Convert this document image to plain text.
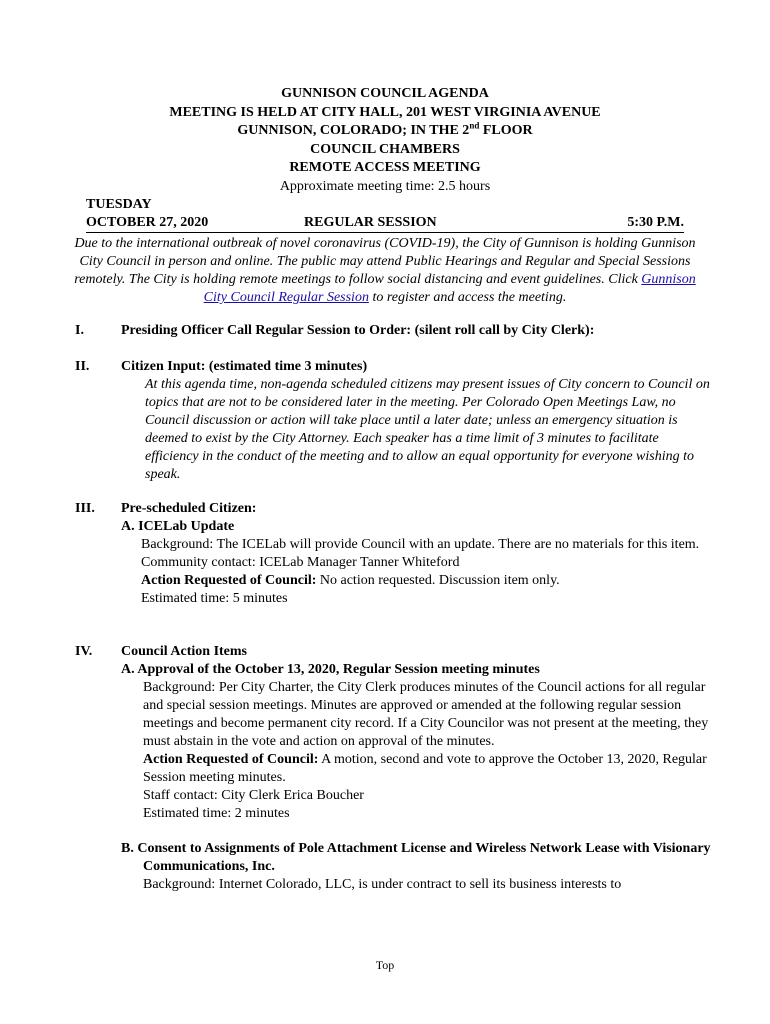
GUNNISON COUNCIL AGENDA
MEETING IS HELD AT CITY HALL, 201 WEST VIRGINIA AVENUE
GUNNISON, COLORADO; IN THE 2nd FLOOR
COUNCIL CHAMBERS
REMOTE ACCESS MEETING
Approximate meeting time: 2.5 hours
TUESDAY
OCTOBER 27, 2020	REGULAR SESSION	5:30 P.M.
Due to the international outbreak of novel coronavirus (COVID-19), the City of Gunnison is holding Gunnison City Council in person and online. The public may attend Public Hearings and Regular and Special Sessions remotely. The City is holding remote meetings to follow social distancing and event guidelines. Click Gunnison City Council Regular Session to register and access the meeting.
I.	Presiding Officer Call Regular Session to Order: (silent roll call by City Clerk):
II. Citizen Input: (estimated time 3 minutes)
At this agenda time, non-agenda scheduled citizens may present issues of City concern to Council on topics that are not to be considered later in the meeting. Per Colorado Open Meetings Law, no Council discussion or action will take place until a later date; unless an emergency situation is deemed to exist by the City Attorney. Each speaker has a time limit of 3 minutes to facilitate efficiency in the conduct of the meeting and to allow an equal opportunity for everyone wishing to speak.
III. Pre-scheduled Citizen:
A. ICELab Update
Background: The ICELab will provide Council with an update. There are no materials for this item.
Community contact: ICELab Manager Tanner Whiteford
Action Requested of Council: No action requested. Discussion item only.
Estimated time: 5 minutes
IV. Council Action Items
A. Approval of the October 13, 2020, Regular Session meeting minutes
Background: Per City Charter, the City Clerk produces minutes of the Council actions for all regular and special session meetings. Minutes are approved or amended at the following regular session meetings and become permanent city record. If a City Councilor was not present at the meeting, they must abstain in the vote and action on approval of the minutes.
Action Requested of Council: A motion, second and vote to approve the October 13, 2020, Regular Session meeting minutes.
Staff contact: City Clerk Erica Boucher
Estimated time: 2 minutes
B. Consent to Assignments of Pole Attachment License and Wireless Network Lease with Visionary Communications, Inc.
Background: Internet Colorado, LLC, is under contract to sell its business interests to
Top
